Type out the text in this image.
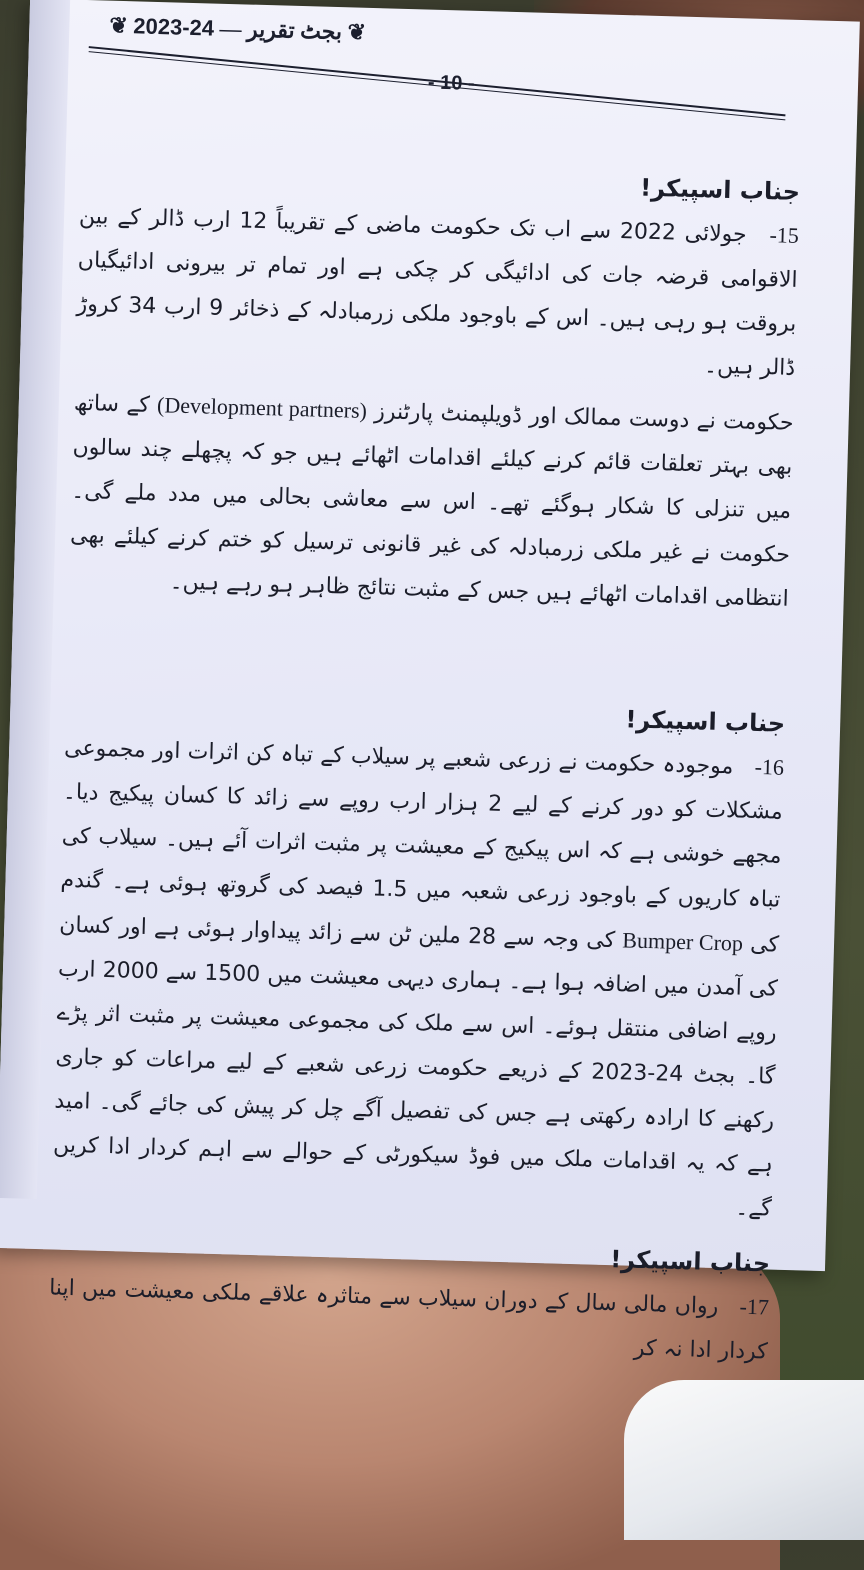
❦ 2023-24 — بجٹ تقریر ❦
- 10 -

جناب اسپیکر!

15- جولائی 2022 سے اب تک حکومت ماضی کے تقریباً 12 ارب ڈالر کے بین الاقوامی قرضہ جات کی ادائیگی کر چکی ہے اور تمام تر بیرونی ادائیگیاں بروقت ہو رہی ہیں۔ اس کے باوجود ملکی زرمبادلہ کے ذخائر 9 ارب 34 کروڑ ڈالر ہیں۔

حکومت نے دوست ممالک اور ڈویلپمنٹ پارٹنرز (Development partners) کے ساتھ بھی بہتر تعلقات قائم کرنے کیلئے اقدامات اٹھائے ہیں جو کہ پچھلے چند سالوں میں تنزلی کا شکار ہوگئے تھے۔ اس سے معاشی بحالی میں مدد ملے گی۔ حکومت نے غیر ملکی زرمبادلہ کی غیر قانونی ترسیل کو ختم کرنے کیلئے بھی انتظامی اقدامات اٹھائے ہیں جس کے مثبت نتائج ظاہر ہو رہے ہیں۔

جناب اسپیکر!

16- موجودہ حکومت نے زرعی شعبے پر سیلاب کے تباہ کن اثرات اور مجموعی مشکلات کو دور کرنے کے لیے 2 ہزار ارب روپے سے زائد کا کسان پیکیج دیا۔ مجھے خوشی ہے کہ اس پیکیج کے معیشت پر مثبت اثرات آئے ہیں۔ سیلاب کی تباہ کاریوں کے باوجود زرعی شعبہ میں 1.5 فیصد کی گروتھ ہوئی ہے۔ گندم کی Bumper Crop کی وجہ سے 28 ملین ٹن سے زائد پیداوار ہوئی ہے اور کسان کی آمدن میں اضافہ ہوا ہے۔ ہماری دیہی معیشت میں 1500 سے 2000 ارب روپے اضافی منتقل ہوئے۔ اس سے ملک کی مجموعی معیشت پر مثبت اثر پڑے گا۔ بجٹ 24-2023 کے ذریعے حکومت زرعی شعبے کے لیے مراعات کو جاری رکھنے کا ارادہ رکھتی ہے جس کی تفصیل آگے چل کر پیش کی جائے گی۔ امید ہے کہ یہ اقدامات ملک میں فوڈ سیکورٹی کے حوالے سے اہم کردار ادا کریں گے۔

جناب اسپیکر!

17- رواں مالی سال کے دوران سیلاب سے متاثرہ علاقے ملکی معیشت میں اپنا کردار ادا نہ کر
